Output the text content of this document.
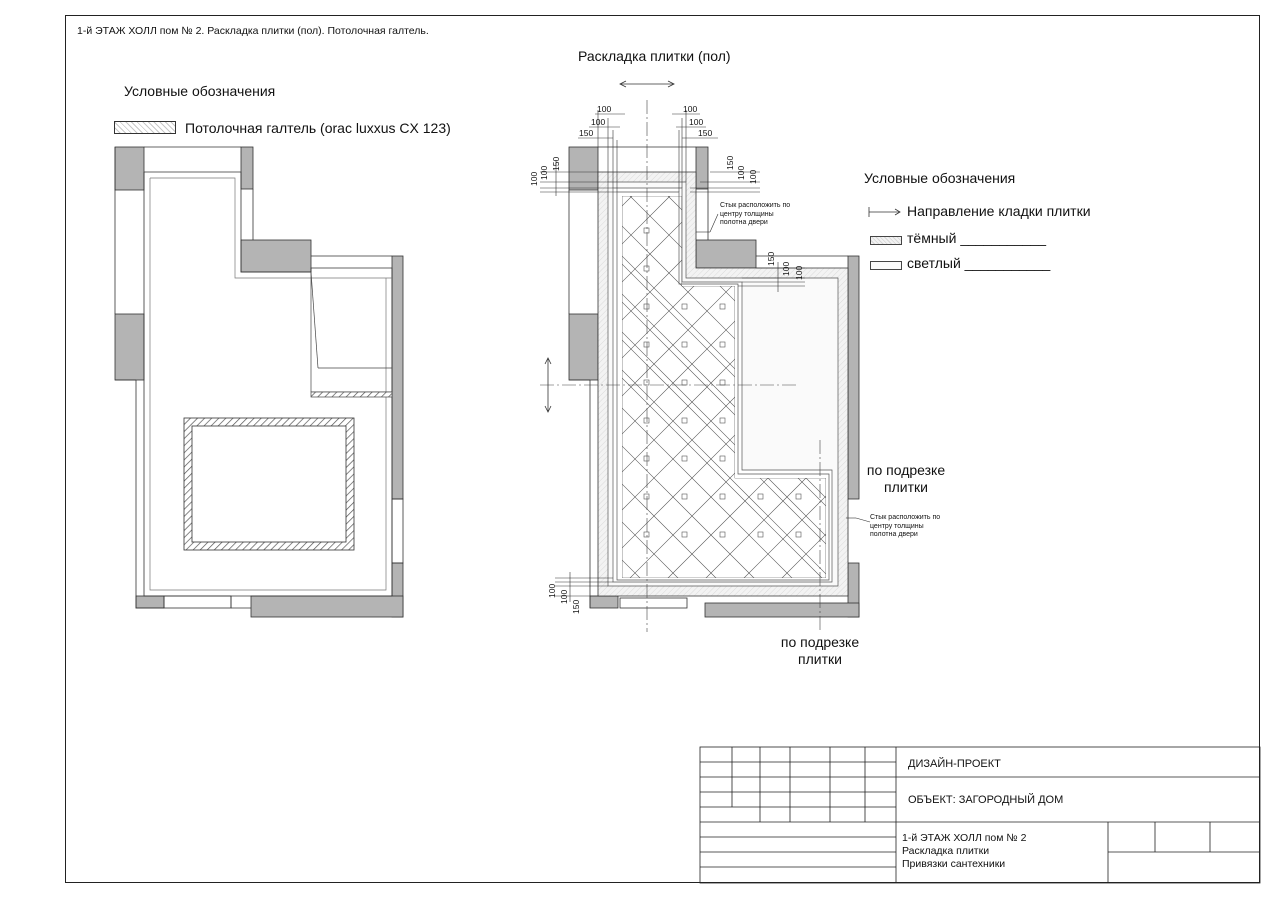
1-й ЭТАЖ ХОЛЛ пом № 2. Раскладка плитки (пол). Потолочная галтель.
Условные обозначения
Потолочная галтель (orac luxxus CX 123)
100
100
150
100
100
150
100 100
150	150
100 100
150
100 100
100 100
150
Раскладка плитки (пол)
Стык расположить по центру толщины полотна двери
Стык расположить по центру толщины полотна двери
по подрезке плитки
по подрезке плитки
Условные обозначения
Направление кладки плитки
тёмный ___________
светлый ___________
ДИЗАЙН-ПРОЕКТ
ОБЪЕКТ: ЗАГОРОДНЫЙ ДОМ
1-й ЭТАЖ ХОЛЛ пом № 2
Раскладка плитки
Привязки сантехники
